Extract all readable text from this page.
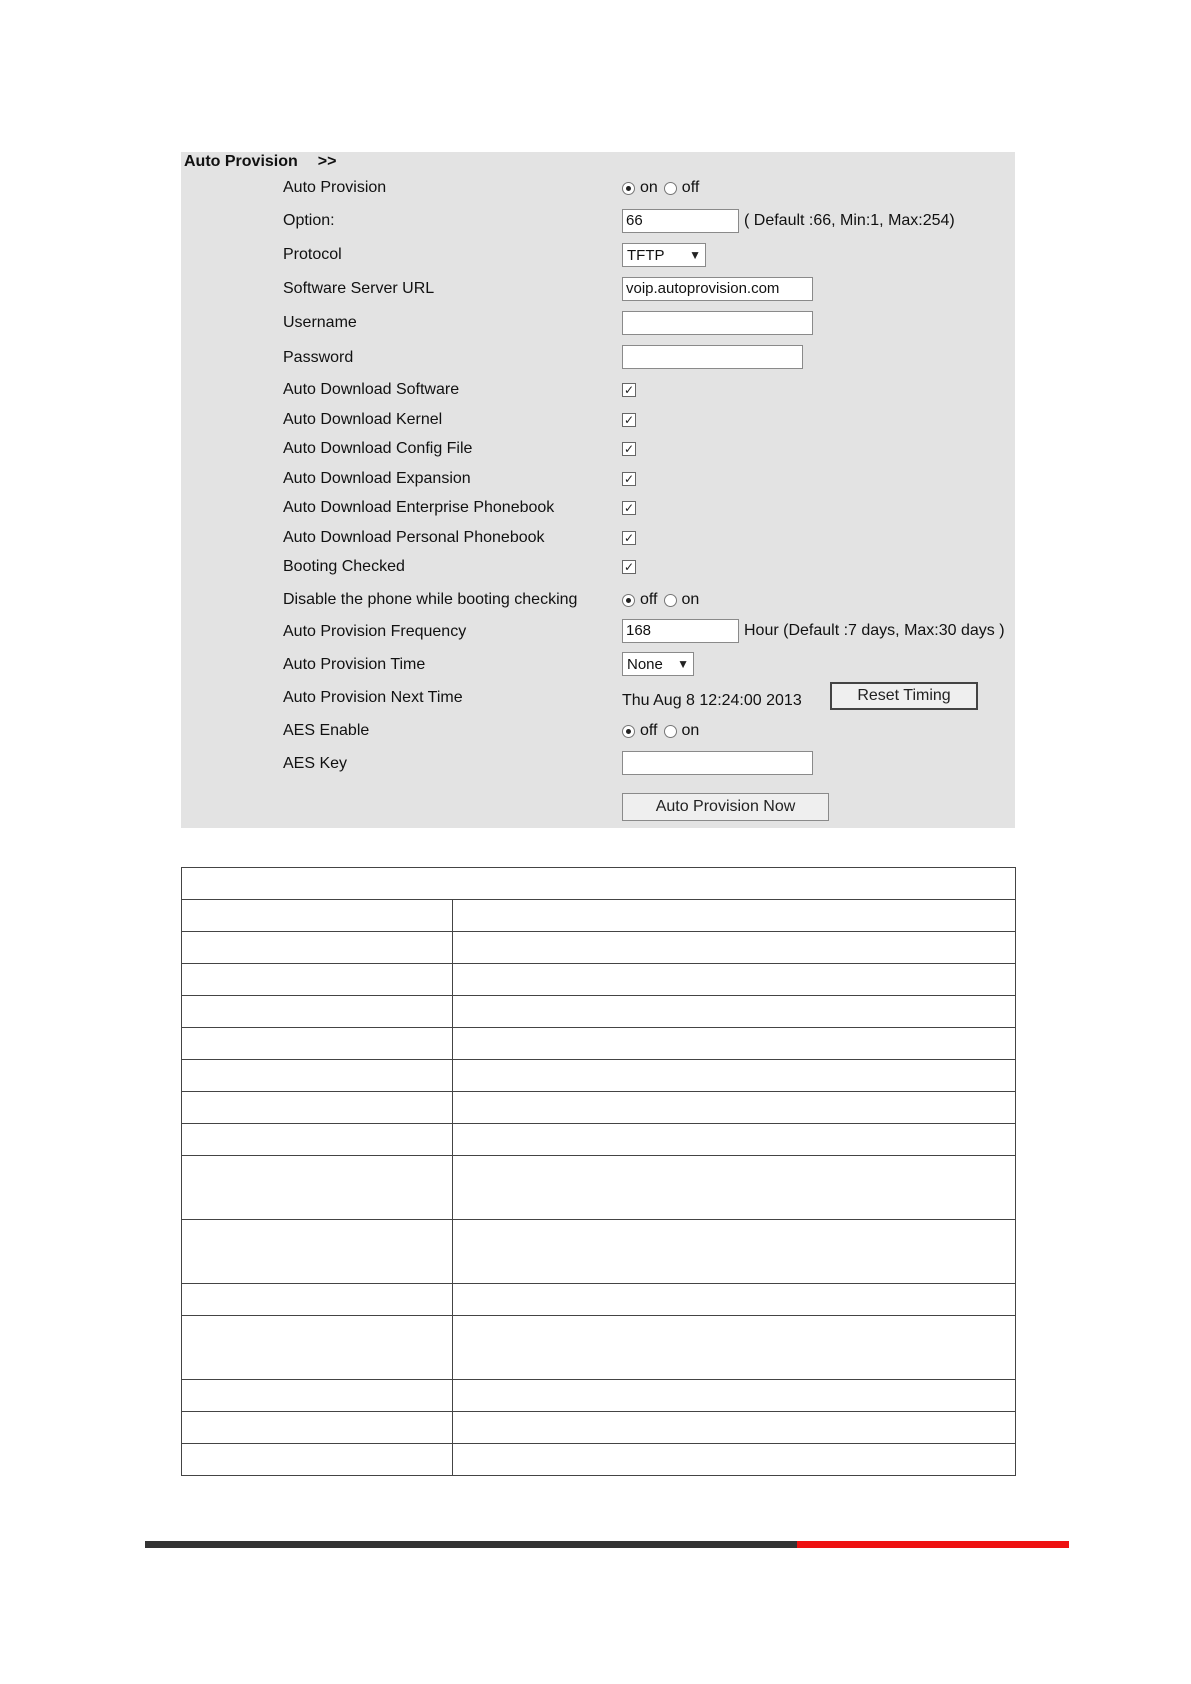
Auto Provision >>
Auto Provision	on off
Option:	66	( Default :66, Min:1, Max:254)
Protocol	TFTP ▼
Software Server URL	voip.autoprovision.com
Username
Password
Auto Download Software	✓
Auto Download Kernel	✓
Auto Download Config File	✓
Auto Download Expansion	✓
Auto Download Enterprise Phonebook	✓
Auto Download Personal Phonebook	✓
Booting Checked	✓
Disable the phone while booting checking	off on
Auto Provision Frequency	168	Hour (Default :7 days, Max:30 days )
Auto Provision Time	None ▼
Auto Provision Next Time	Thu Aug 8 12:24:00 2013	Reset Timing
AES Enable	off on
AES Key
Auto Provision Now
